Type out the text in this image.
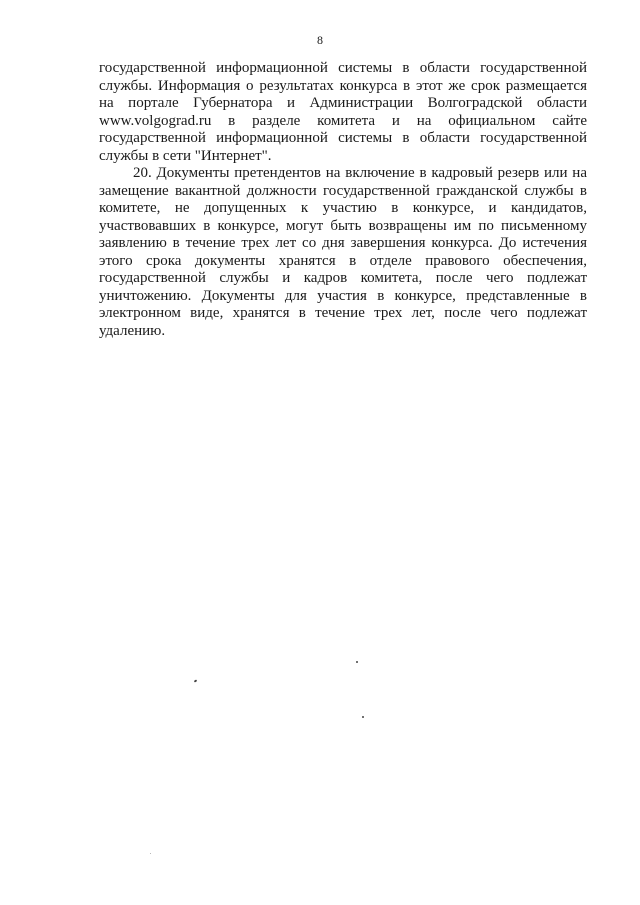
8
государственной информационной системы в области государственной
службы. Информация о результатах конкурса в этот же срок размещается
на портале Губернатора и Администрации Волгоградской области
www.volgograd.ru в разделе комитета и на официальном сайте
государственной информационной системы в области государственной
службы в сети "Интернет".
20. Документы претендентов на включение в кадровый резерв или на
замещение вакантной должности государственной гражданской службы в
комитете, не допущенных к участию в конкурсе, и кандидатов,
участвовавших в конкурсе, могут быть возвращены им по письменному
заявлению в течение трех лет со дня завершения конкурса. До истечения
этого срока документы хранятся в отделе правового обеспечения,
государственной службы и кадров комитета, после чего подлежат
уничтожению. Документы для участия в конкурсе, представленные в
электронном виде, хранятся в течение трех лет, после чего подлежат
удалению.
